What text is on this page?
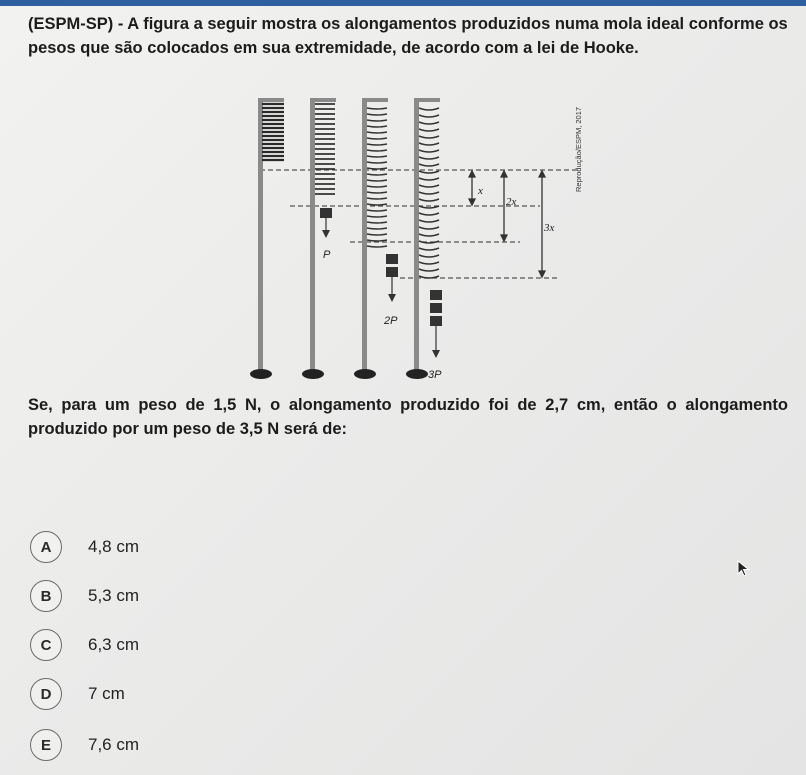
(ESPM-SP) - A figura a seguir mostra os alongamentos produzidos numa mola ideal conforme os pesos que são colocados em sua extremidade, de acordo com a lei de Hooke.
x
2x
3x
P
2P
3P
Reprodução/ESPM, 2017
Se, para um peso de 1,5 N, o alongamento produzido foi de 2,7 cm, então o alongamento produzido por um peso de 3,5 N será de:
A	4,8 cm
B	5,3 cm
C	6,3 cm
D	7 cm
E	7,6 cm
